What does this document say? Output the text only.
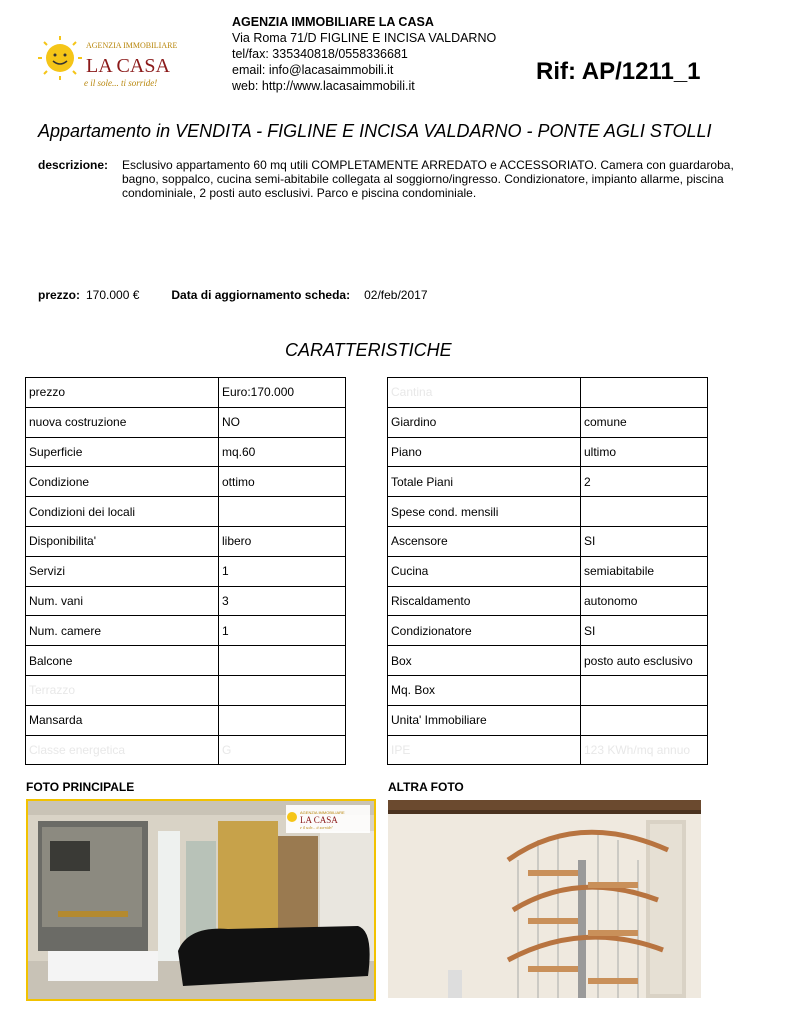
AGENZIA IMMOBILIARE
LA CASA
e il sole... ti sorride!
AGENZIA IMMOBILIARE LA CASA
Via Roma 71/D FIGLINE E INCISA VALDARNO
tel/fax: 335340818/0558336681
email: info@lacasaimmobili.it
web: http://www.lacasaimmobili.it
Rif: AP/1211_1
Appartamento in VENDITA - FIGLINE E INCISA VALDARNO - PONTE AGLI STOLLI
descrizione: Esclusivo appartamento 60 mq utili COMPLETAMENTE ARREDATO e ACCESSORIATO. Camera con guardaroba, bagno, soppalco, cucina semi-abitabile collegata al soggiorno/ingresso. Condizionatore, impianto allarme, piscina condominiale, 2 posti auto esclusivi. Parco e piscina condominiale.
prezzo: 170.000 €	Data di aggiornamento scheda: 02/feb/2017
CARATTERISTICHE
prezzo	Euro:170.000
nuova costruzione	NO
Superficie	mq.60
Condizione	ottimo
Condizioni dei locali	
Disponibilita'	libero
Servizi	1
Num. vani	3
Num. camere	1
Balcone	
Terrazzo	
Mansarda	
Classe energetica	G
Cantina	
Giardino	comune
Piano	ultimo
Totale Piani	2
Spese cond. mensili	
Ascensore	SI
Cucina	semiabitabile
Riscaldamento	autonomo
Condizionatore	SI
Box	posto auto esclusivo
Mq. Box	
Unita' Immobiliare	
IPE	123 KWh/mq annuo
FOTO PRINCIPALE	ALTRA FOTO
AGENZIA IMMOBILIARE
LA CASA
e il sole... ti sorride!
